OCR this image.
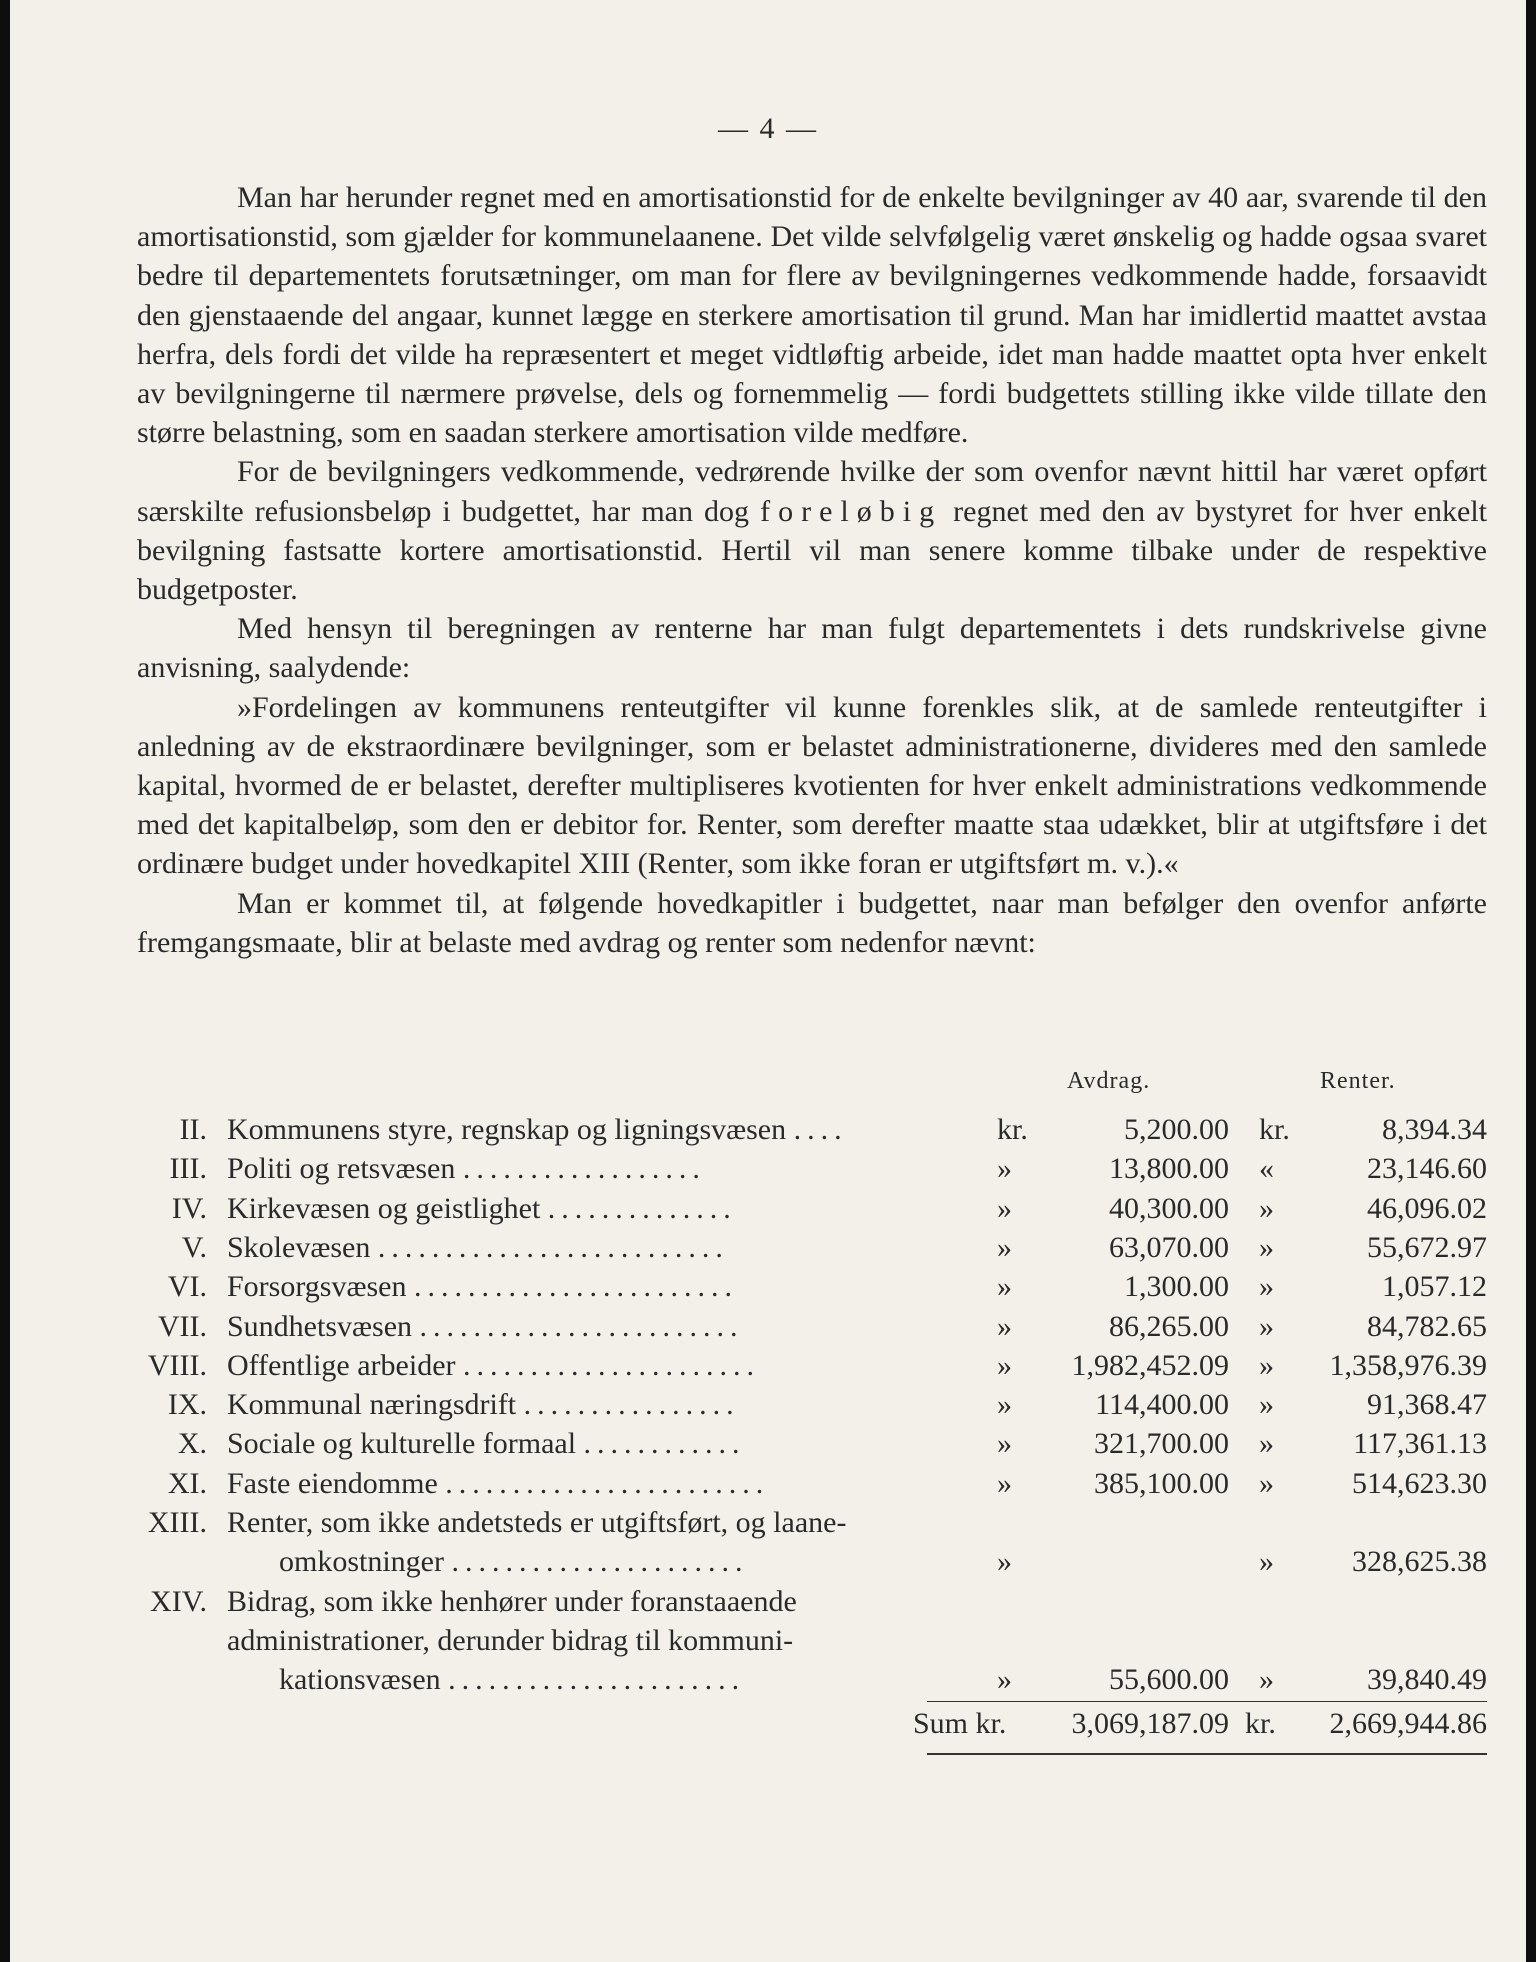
— 4 —

Man har herunder regnet med en amortisationstid for de enkelte bevilgninger av 40 aar, svarende til den amortisationstid, som gjælder for kommunelaanene. Det vilde selvfølgelig været ønskelig og hadde ogsaa svaret bedre til departementets forutsætninger, om man for flere av bevilgningernes vedkommende hadde, forsaavidt den gjenstaaende del angaar, kunnet lægge en sterkere amortisation til grund. Man har imidlertid maattet avstaa herfra, dels fordi det vilde ha repræsentert et meget vidtløftig arbeide, idet man hadde maattet opta hver enkelt av bevilgningerne til nærmere prøvelse, dels og fornemmelig — fordi budgettets stilling ikke vilde tillate den større belastning, som en saadan sterkere amortisation vilde medføre.

For de bevilgningers vedkommende, vedrørende hvilke der som ovenfor nævnt hittil har været opført særskilte refusionsbeløp i budgettet, har man dog foreløbig regnet med den av bystyret for hver enkelt bevilgning fastsatte kortere amortisationstid. Hertil vil man senere komme tilbake under de respektive budgetposter.

Med hensyn til beregningen av renterne har man fulgt departementets i dets rundskrivelse givne anvisning, saalydende:

»Fordelingen av kommunens renteutgifter vil kunne forenkles slik, at de samlede renteutgifter i anledning av de ekstraordinære bevilgninger, som er belastet administrationerne, divideres med den samlede kapital, hvormed de er belastet, derefter multipliseres kvotienten for hver enkelt administrations vedkommende med det kapitalbeløp, som den er debitor for. Renter, som derefter maatte staa udækket, blir at utgiftsføre i det ordinære budget under hovedkapitel XIII (Renter, som ikke foran er utgiftsført m. v.).«

Man er kommet til, at følgende hovedkapitler i budgettet, naar man befølger den ovenfor anførte fremgangsmaate, blir at belaste med avdrag og renter som nedenfor nævnt:

Avdrag.	Renter.
II. Kommunens styre, regnskap og ligningsvæsen ....	kr.	5,200.00 kr.	8,394.34
III. Politi og retsvæsen ..................	»	13,800.00 «	23,146.60
IV. Kirkevæsen og geistlighet ..............	»	40,300.00 »	46,096.02
V. Skolevæsen ..........................	»	63,070.00 »	55,672.97
VI. Forsorgsvæsen ........................	»	1,300.00 »	1,057.12
VII. Sundhetsvæsen ........................	»	86,265.00 »	84,782.65
VIII. Offentlige arbeider ......................	»	1,982,452.09 »	1,358,976.39
IX. Kommunal næringsdrift ................	»	114,400.00 »	91,368.47
X. Sociale og kulturelle formaal ............	»	321,700.00 »	117,361.13
XI. Faste eiendomme ........................	»	385,100.00 »	514,623.30
XIII. Renter, som ikke andetsteds er utgiftsført, og laane-
omkostninger ......................	»	»	328,625.38
XIV. Bidrag, som ikke henhører under foranstaaende
administrationer, derunder bidrag til kommuni-
kationsvæsen ......................	»	55,600.00 »	39,840.49
Sum kr.	3,069,187.09 kr.	2,669,944.86
